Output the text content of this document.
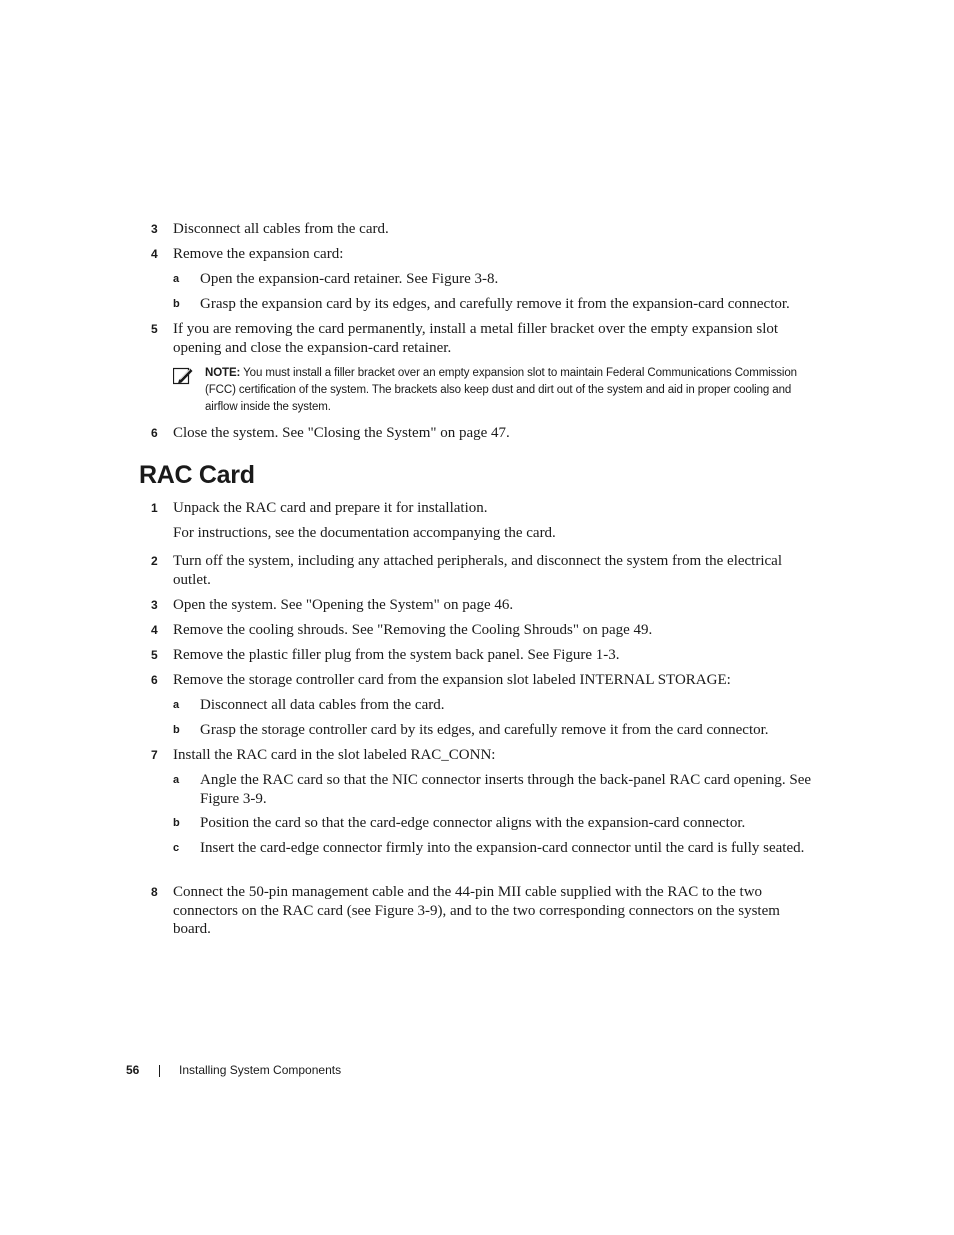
3 Disconnect all cables from the card.
4 Remove the expansion card:
a Open the expansion-card retainer. See Figure 3-8.
b Grasp the expansion card by its edges, and carefully remove it from the expansion-card connector.
5 If you are removing the card permanently, install a metal filler bracket over the empty expansion slot opening and close the expansion-card retainer.
NOTE: You must install a filler bracket over an empty expansion slot to maintain Federal Communications Commission (FCC) certification of the system. The brackets also keep dust and dirt out of the system and aid in proper cooling and airflow inside the system.
6 Close the system. See "Closing the System" on page 47.
RAC Card
1 Unpack the RAC card and prepare it for installation.
For instructions, see the documentation accompanying the card.
2 Turn off the system, including any attached peripherals, and disconnect the system from the electrical outlet.
3 Open the system. See "Opening the System" on page 46.
4 Remove the cooling shrouds. See "Removing the Cooling Shrouds" on page 49.
5 Remove the plastic filler plug from the system back panel. See Figure 1-3.
6 Remove the storage controller card from the expansion slot labeled INTERNAL STORAGE:
a Disconnect all data cables from the card.
b Grasp the storage controller card by its edges, and carefully remove it from the card connector.
7 Install the RAC card in the slot labeled RAC_CONN:
a Angle the RAC card so that the NIC connector inserts through the back-panel RAC card opening. See Figure 3-9.
b Position the card so that the card-edge connector aligns with the expansion-card connector.
c Insert the card-edge connector firmly into the expansion-card connector until the card is fully seated.
8 Connect the 50-pin management cable and the 44-pin MII cable supplied with the RAC to the two connectors on the RAC card (see Figure 3-9), and to the two corresponding connectors on the system board.
56	Installing System Components
